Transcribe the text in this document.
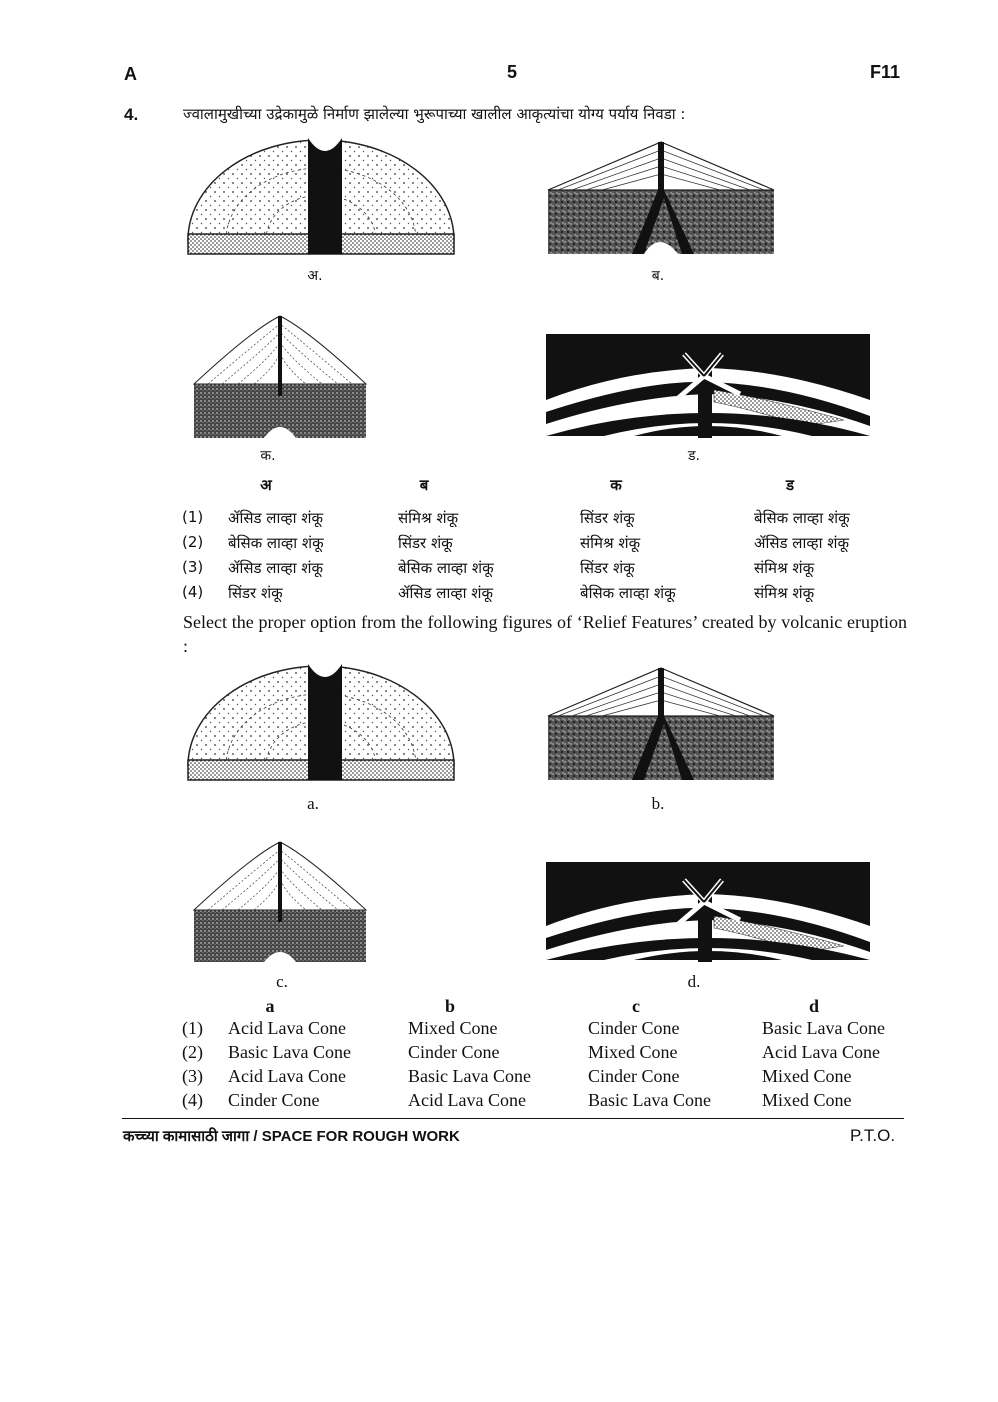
A	5	F11
4.	ज्वालामुखीच्या उद्रेकामुळे निर्माण झालेल्या भुरूपाच्या खालील आकृत्यांचा योग्य पर्याय निवडा :
अ.	ब.
क.	ड.
अ	ब	क	ड
(1) ॲसिड लाव्हा शंकू	संमिश्र शंकू	सिंडर शंकू	बेसिक लाव्हा शंकू
(2) बेसिक लाव्हा शंकू	सिंडर शंकू	संमिश्र शंकू	ॲसिड लाव्हा शंकू
(3) ॲसिड लाव्हा शंकू	बेसिक लाव्हा शंकू	सिंडर शंकू	संमिश्र शंकू
(4) सिंडर शंकू	ॲसिड लाव्हा शंकू	बेसिक लाव्हा शंकू	संमिश्र शंकू
Select the proper option from the following figures of ‘Relief Features’ created by volcanic eruption :
a.	b.
c.	d.
a	b	c	d
(1) Acid Lava Cone	Mixed Cone	Cinder Cone	Basic Lava Cone
(2) Basic Lava Cone	Cinder Cone	Mixed Cone	Acid Lava Cone
(3) Acid Lava Cone	Basic Lava Cone	Cinder Cone	Mixed Cone
(4) Cinder Cone	Acid Lava Cone	Basic Lava Cone	Mixed Cone
कच्च्या कामासाठी जागा / SPACE FOR ROUGH WORK	P.T.O.
